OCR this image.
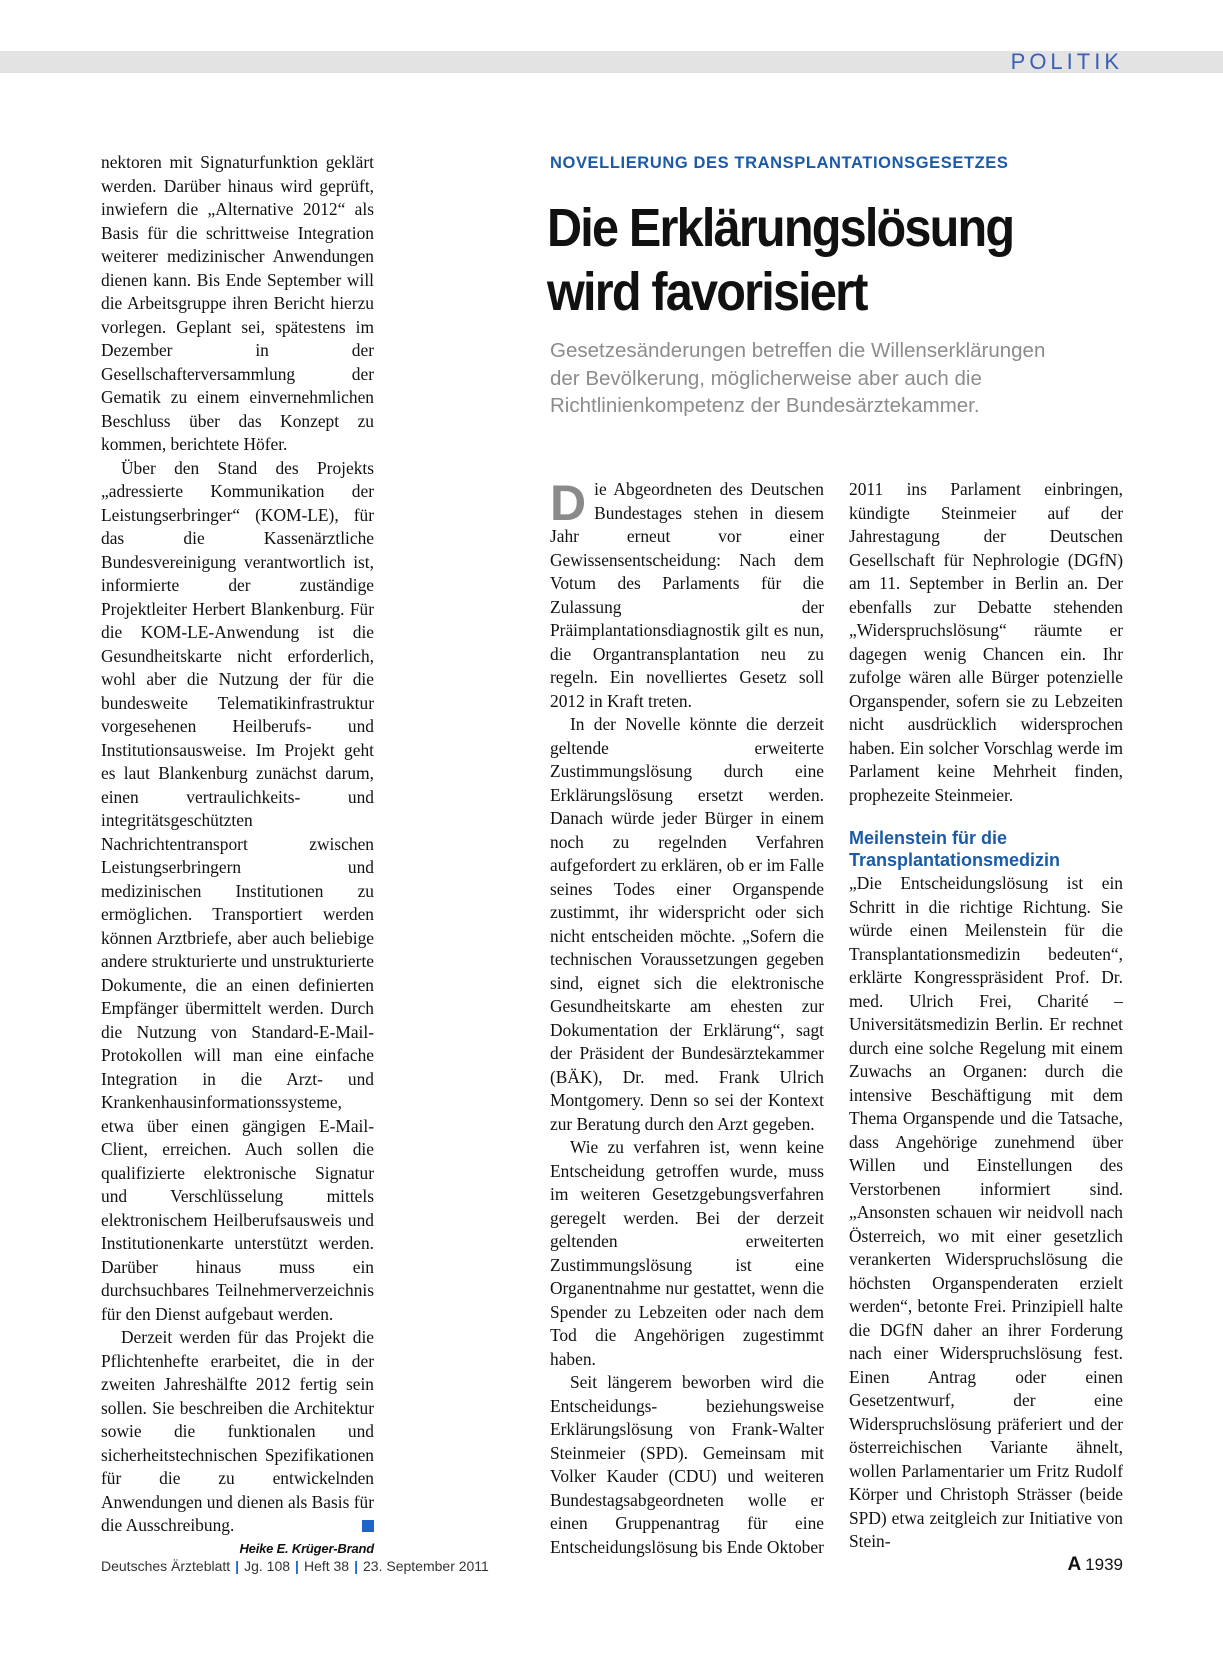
POLITIK

nektoren mit Signaturfunktion geklärt werden. Darüber hinaus wird geprüft, inwiefern die „Alternative 2012“ als Basis für die schrittweise Integration weiterer medizinischer Anwendungen dienen kann. Bis Ende September will die Arbeitsgruppe ihren Bericht hierzu vorlegen. Geplant sei, spätestens im Dezember in der Gesellschafterversammlung der Gematik zu einem einvernehmlichen Beschluss über das Konzept zu kommen, berichtete Höfer.

Über den Stand des Projekts „adressierte Kommunikation der Leistungserbringer“ (KOM-LE), für das die Kassenärztliche Bundesvereinigung verantwortlich ist, informierte der zuständige Projektleiter Herbert Blankenburg. Für die KOM-LE-Anwendung ist die Gesundheitskarte nicht erforderlich, wohl aber die Nutzung der für die bundesweite Telematikinfrastruktur vorgesehenen Heilberufs- und Institutionsausweise. Im Projekt geht es laut Blankenburg zunächst darum, einen vertraulichkeits- und integritätsgeschützten Nachrichtentransport zwischen Leistungserbringern und medizinischen Institutionen zu ermöglichen. Transportiert werden können Arztbriefe, aber auch beliebige andere strukturierte und unstrukturierte Dokumente, die an einen definierten Empfänger übermittelt werden. Durch die Nutzung von Standard-E-Mail-Protokollen will man eine einfache Integration in die Arzt- und Krankenhausinformationssysteme, etwa über einen gängigen E-Mail-Client, erreichen. Auch sollen die qualifizierte elektronische Signatur und Verschlüsselung mittels elektronischem Heilberufsausweis und Institutionenkarte unterstützt werden. Darüber hinaus muss ein durchsuchbares Teilnehmerverzeichnis für den Dienst aufgebaut werden.

Derzeit werden für das Projekt die Pflichtenhefte erarbeitet, die in der zweiten Jahreshälfte 2012 fertig sein sollen. Sie beschreiben die Architektur sowie die funktionalen und sicherheitstechnischen Spezifikationen für die zu entwickelnden Anwendungen und dienen als Basis für die Ausschreibung.

Heike E. Krüger-Brand
NOVELLIERUNG DES TRANSPLANTATIONSGESETZES
Die Erklärungslösung
wird favorisiert
Gesetzesänderungen betreffen die Willenserklärungen
der Bevölkerung, möglicherweise aber auch die
Richtlinienkompetenz der Bundesärztekammer.

Die Abgeordneten des Deutschen Bundestages stehen in diesem Jahr erneut vor einer Gewissensentscheidung: Nach dem Votum des Parlaments für die Zulassung der Präimplantationsdiagnostik gilt es nun, die Organtransplantation neu zu regeln. Ein novelliertes Gesetz soll 2012 in Kraft treten.

In der Novelle könnte die derzeit geltende erweiterte Zustimmungslösung durch eine Erklärungslösung ersetzt werden. Danach würde jeder Bürger in einem noch zu regelnden Verfahren aufgefordert zu erklären, ob er im Falle seines Todes einer Organspende zustimmt, ihr widerspricht oder sich nicht entscheiden möchte. „Sofern die technischen Voraussetzungen gegeben sind, eignet sich die elektronische Gesundheitskarte am ehesten zur Dokumentation der Erklärung“, sagt der Präsident der Bundesärztekammer (BÄK), Dr. med. Frank Ulrich Montgomery. Denn so sei der Kontext zur Beratung durch den Arzt gegeben.

Wie zu verfahren ist, wenn keine Entscheidung getroffen wurde, muss im weiteren Gesetzgebungsverfahren geregelt werden. Bei der derzeit geltenden erweiterten Zustimmungslösung ist eine Organentnahme nur gestattet, wenn die Spender zu Lebzeiten oder nach dem Tod die Angehörigen zugestimmt haben.

Seit längerem beworben wird die Entscheidungs- beziehungsweise Erklärungslösung von Frank-Walter Steinmeier (SPD). Gemeinsam mit Volker Kauder (CDU) und weiteren Bundestagsabgeordneten wolle er einen Gruppenantrag für eine Entscheidungslösung bis Ende Oktober

2011 ins Parlament einbringen, kündigte Steinmeier auf der Jahrestagung der Deutschen Gesellschaft für Nephrologie (DGfN) am 11. September in Berlin an. Der ebenfalls zur Debatte stehenden „Widerspruchslösung“ räumte er dagegen wenig Chancen ein. Ihr zufolge wären alle Bürger potenzielle Organspender, sofern sie zu Lebzeiten nicht ausdrücklich widersprochen haben. Ein solcher Vorschlag werde im Parlament keine Mehrheit finden, prophezeite Steinmeier.

Meilenstein für die
Transplantationsmedizin

„Die Entscheidungslösung ist ein Schritt in die richtige Richtung. Sie würde einen Meilenstein für die Transplantationsmedizin bedeuten“, erklärte Kongresspräsident Prof. Dr. med. Ulrich Frei, Charité – Universitätsmedizin Berlin. Er rechnet durch eine solche Regelung mit einem Zuwachs an Organen: durch die intensive Beschäftigung mit dem Thema Organspende und die Tatsache, dass Angehörige zunehmend über Willen und Einstellungen des Verstorbenen informiert sind. „Ansonsten schauen wir neidvoll nach Österreich, wo mit einer gesetzlich verankerten Widerspruchslösung die höchsten Organspenderaten erzielt werden“, betonte Frei. Prinzipiell halte die DGfN daher an ihrer Forderung nach einer Widerspruchslösung fest. Einen Antrag oder einen Gesetzentwurf, der eine Widerspruchslösung präferiert und der österreichischen Variante ähnelt, wollen Parlamentarier um Fritz Rudolf Körper und Christoph Strässer (beide SPD) etwa zeitgleich zur Initiative von Stein-

Deutsches Ärzteblatt | Jg. 108 | Heft 38 | 23. September 2011	A 1939
